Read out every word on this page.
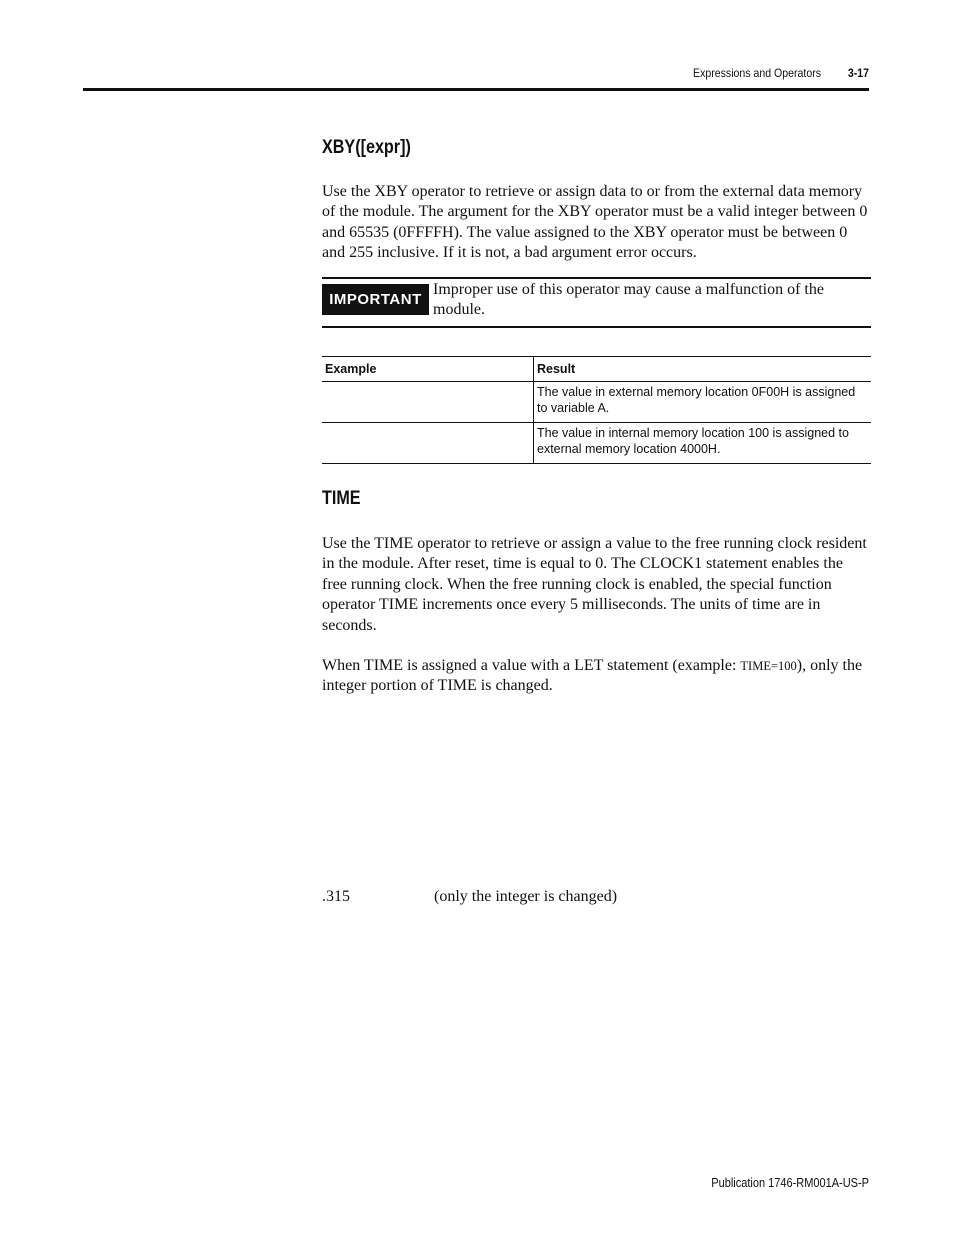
Expressions and Operators	3-17
XBY([expr])

Use the XBY operator to retrieve or assign data to or from the external data memory of the module. The argument for the XBY operator must be a valid integer between 0 and 65535 (0FFFFH). The value assigned to the XBY operator must be between 0 and 255 inclusive. If it is not, a bad argument error occurs.

IMPORTANT

Improper use of this operator may cause a malfunction of the module.

Example	Result
	The value in external memory location 0F00H is assigned to variable A.
	The value in internal memory location 100 is assigned to external memory location 4000H.
TIME

Use the TIME operator to retrieve or assign a value to the free running clock resident in the module. After reset, time is equal to 0. The CLOCK1 statement enables the free running clock. When the free running clock is enabled, the special function operator TIME increments once every 5 milliseconds. The units of time are in seconds.

When TIME is assigned a value with a LET statement (example: TIME=100), only the integer portion of TIME is changed.

.315	(only the integer is changed)
Publication 1746-RM001A-US-P
